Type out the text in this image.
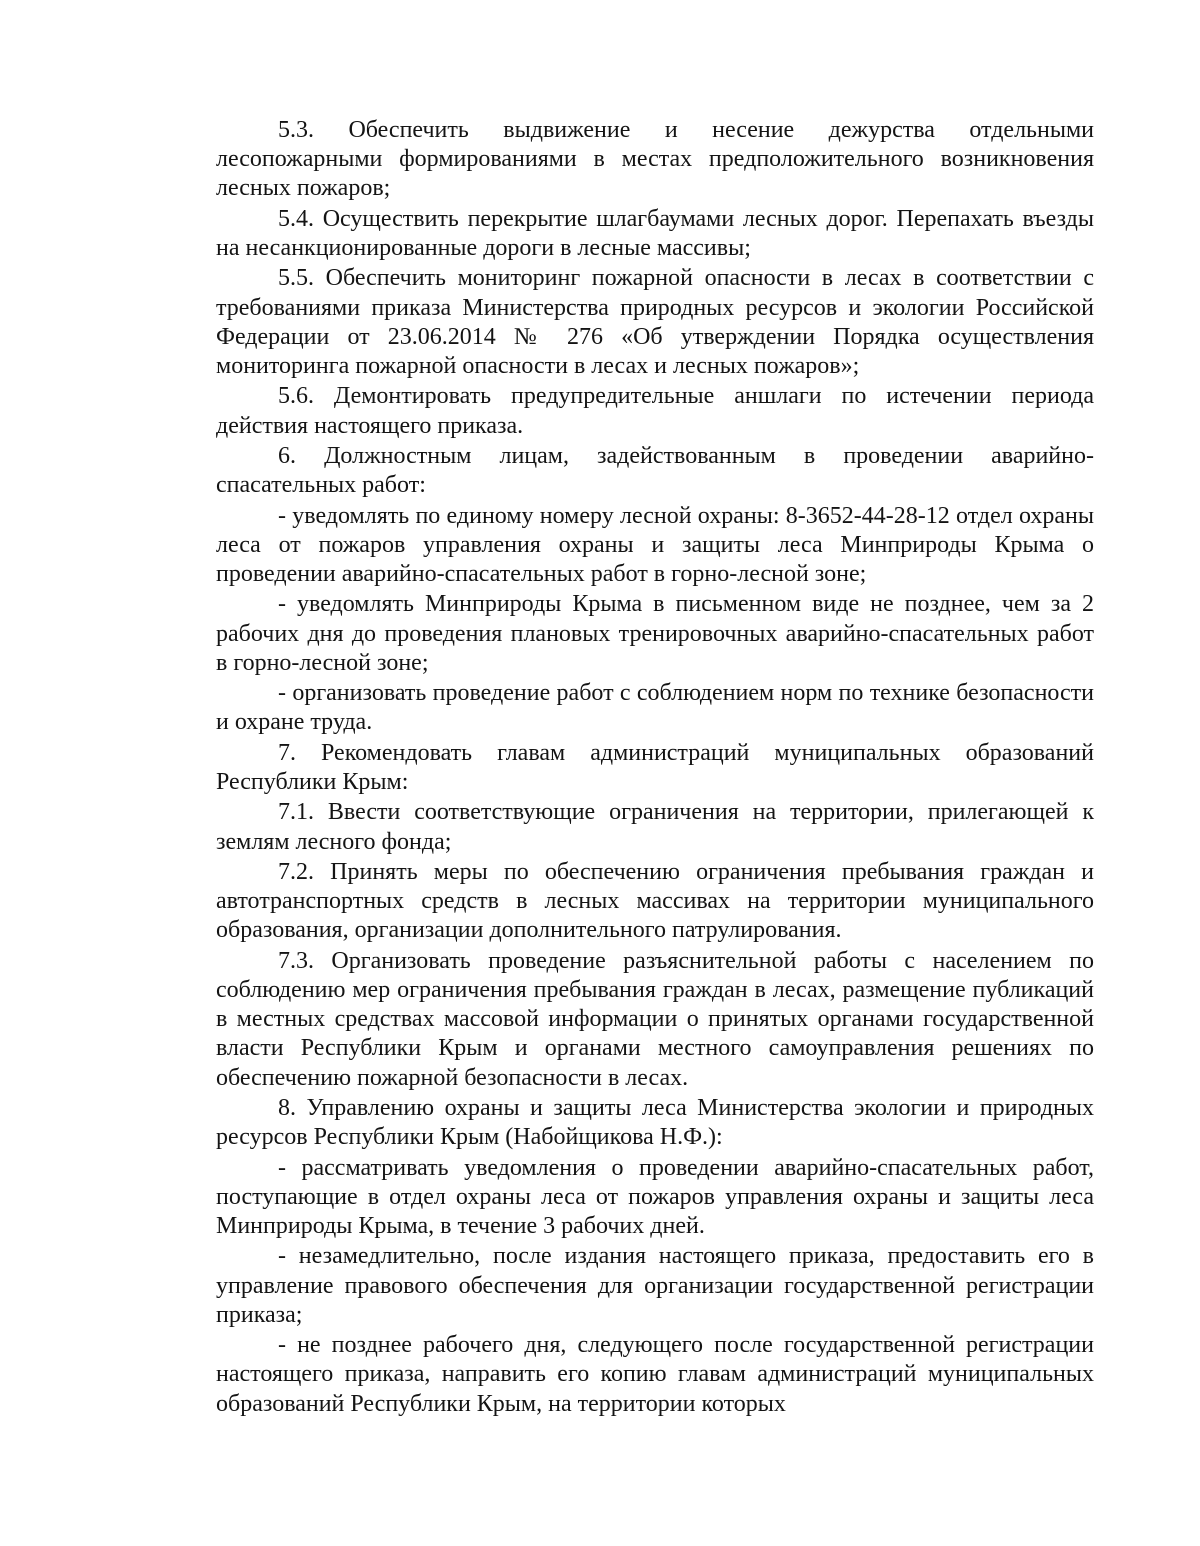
5.3. Обеспечить выдвижение и несение дежурства отдельными лесопожарными формированиями в местах предположительного возникновения лесных пожаров;

5.4. Осуществить перекрытие шлагбаумами лесных дорог. Перепахать въезды на несанкционированные дороги в лесные массивы;

5.5. Обеспечить мониторинг пожарной опасности в лесах в соответствии с требованиями приказа Министерства природных ресурсов и экологии Российской Федерации от 23.06.2014 № 276 «Об утверждении Порядка осуществления мониторинга пожарной опасности в лесах и лесных пожаров»;

5.6. Демонтировать предупредительные аншлаги по истечении периода действия настоящего приказа.

6. Должностным лицам, задействованным в проведении аварийно-спасательных работ:

- уведомлять по единому номеру лесной охраны: 8-3652-44-28-12 отдел охраны леса от пожаров управления охраны и защиты леса Минприроды Крыма о проведении аварийно-спасательных работ в горно-лесной зоне;

- уведомлять Минприроды Крыма в письменном виде не позднее, чем за 2 рабочих дня до проведения плановых тренировочных аварийно-спасательных работ в горно-лесной зоне;

- организовать проведение работ с соблюдением норм по технике безопасности и охране труда.

7. Рекомендовать главам администраций муниципальных образований Республики Крым:

7.1. Ввести соответствующие ограничения на территории, прилегающей к землям лесного фонда;

7.2. Принять меры по обеспечению ограничения пребывания граждан и автотранспортных средств в лесных массивах на территории муниципального образования, организации дополнительного патрулирования.

7.3. Организовать проведение разъяснительной работы с населением по соблюдению мер ограничения пребывания граждан в лесах, размещение публикаций в местных средствах массовой информации о принятых органами государственной власти Республики Крым и органами местного самоуправления решениях по обеспечению пожарной безопасности в лесах.

8. Управлению охраны и защиты леса Министерства экологии и природных ресурсов Республики Крым (Набойщикова Н.Ф.):

- рассматривать уведомления о проведении аварийно-спасательных работ, поступающие в отдел охраны леса от пожаров управления охраны и защиты леса Минприроды Крыма, в течение 3 рабочих дней.

- незамедлительно, после издания настоящего приказа, предоставить его в управление правового обеспечения для организации государственной регистрации приказа;

- не позднее рабочего дня, следующего после государственной регистрации настоящего приказа, направить его копию главам администраций муниципальных образований Республики Крым, на территории которых
